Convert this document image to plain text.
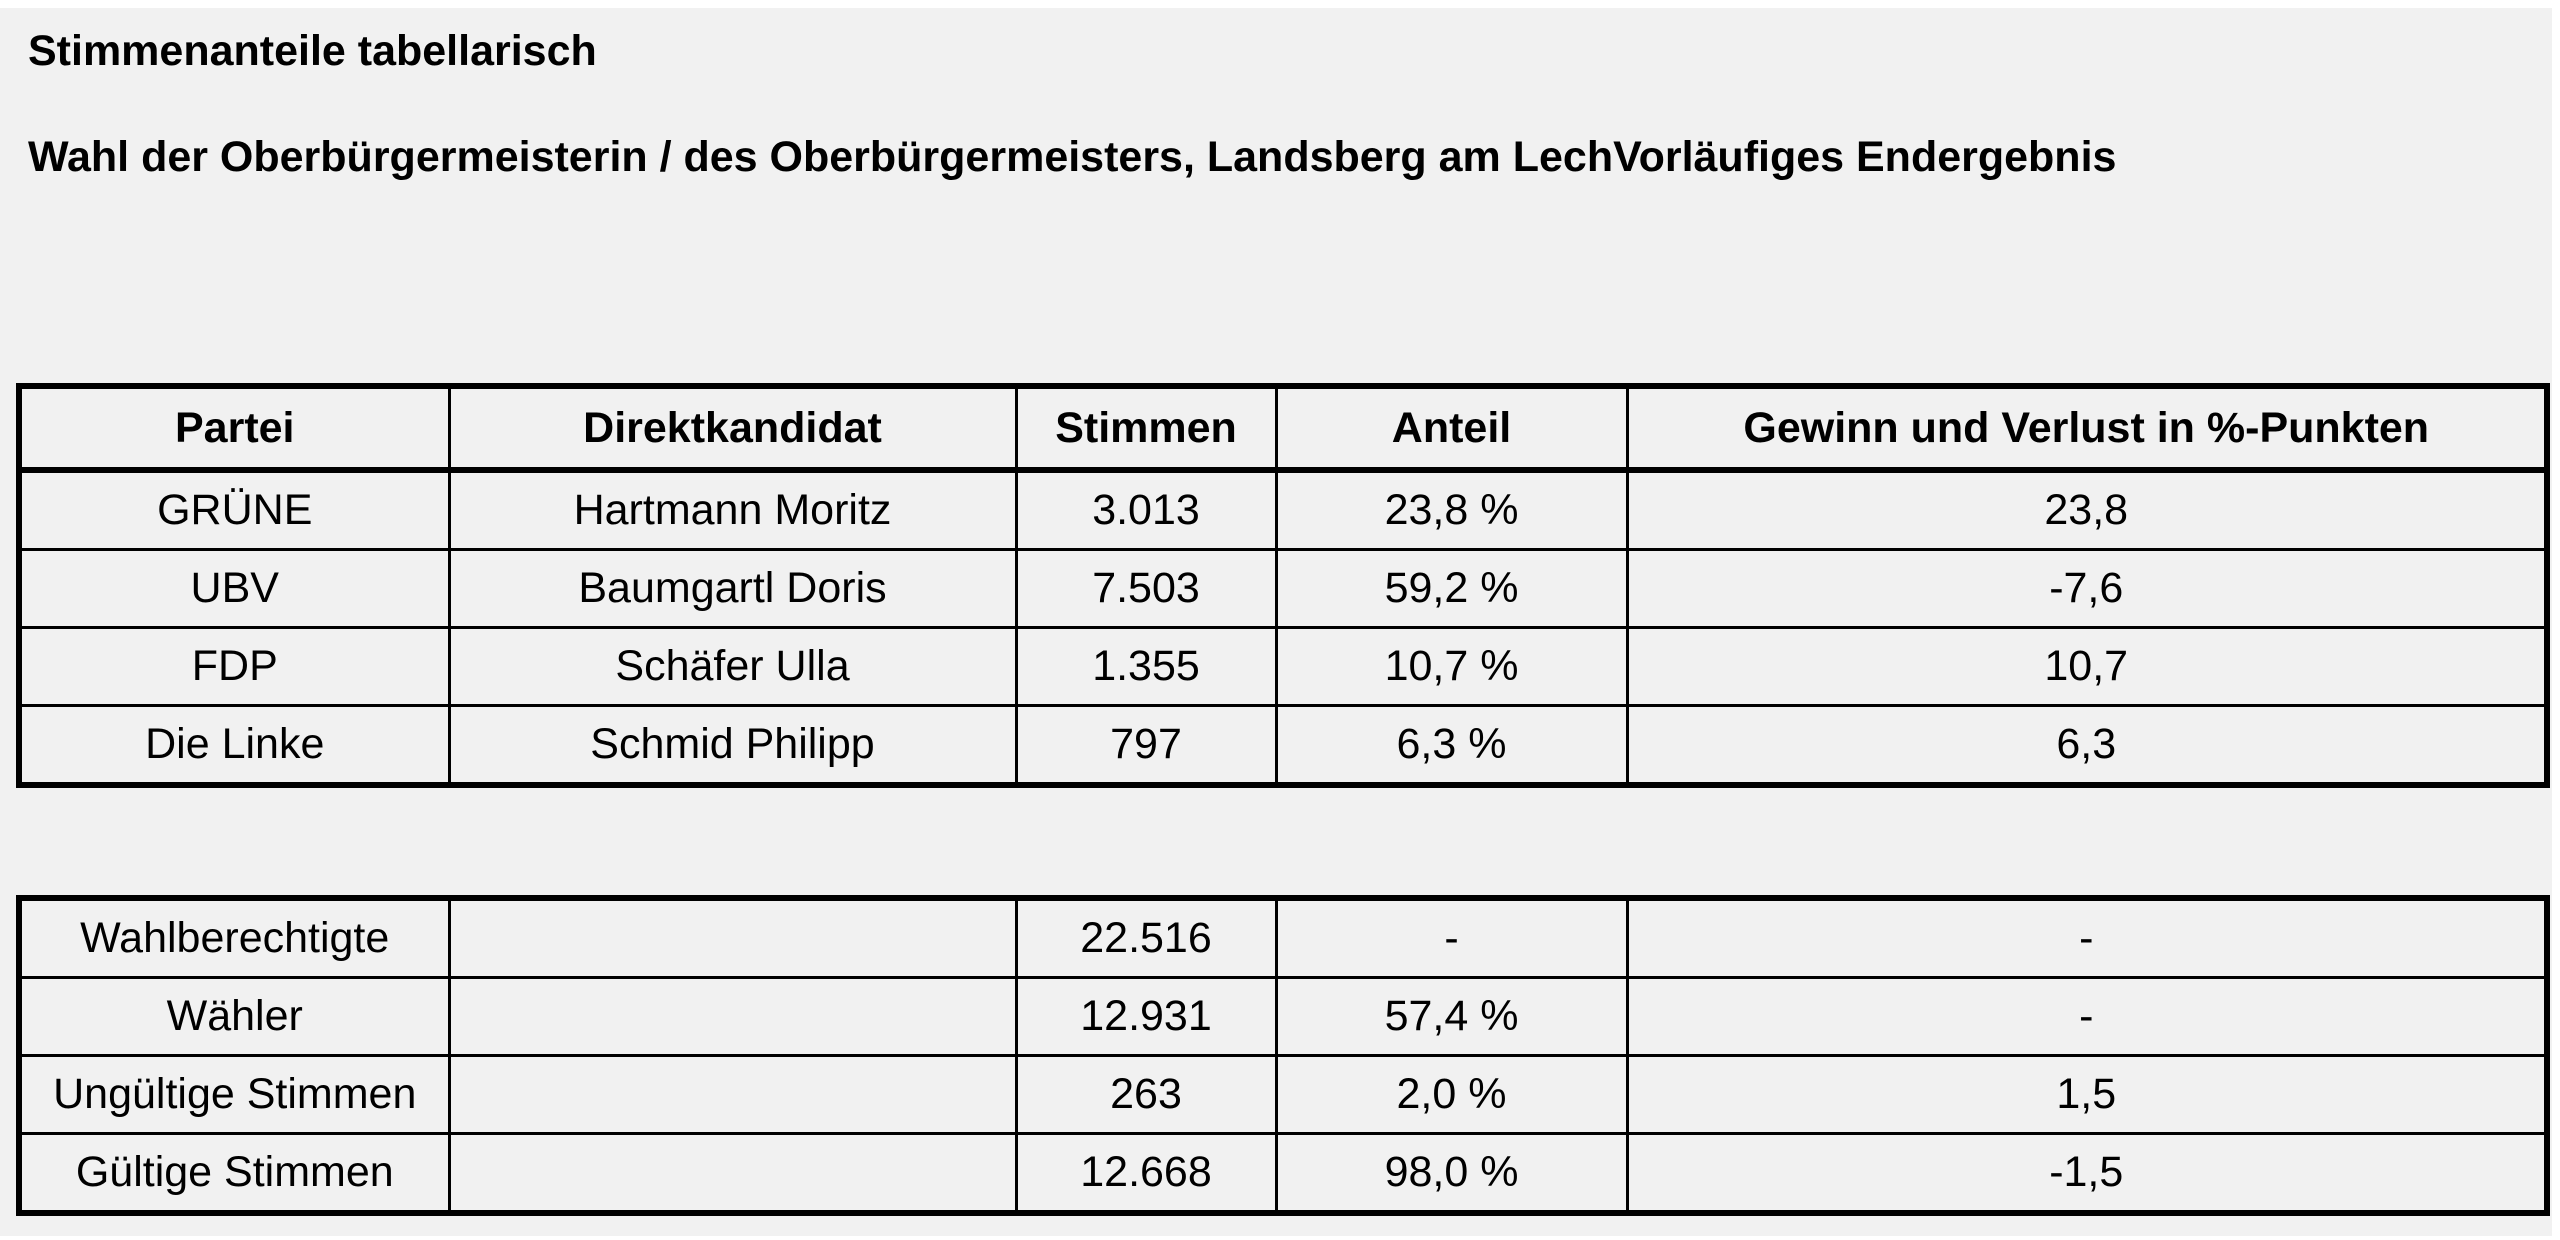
Stimmenanteile tabellarisch
Wahl der Oberbürgermeisterin / des Oberbürgermeisters, Landsberg am LechVorläufiges Endergebnis
Partei	Direktkandidat	Stimmen	Anteil	Gewinn und Verlust in %-Punkten
GRÜNE	Hartmann Moritz	3.013	23,8 %	23,8
UBV	Baumgartl Doris	7.503	59,2 %	-7,6
FDP	Schäfer Ulla	1.355	10,7 %	10,7
Die Linke	Schmid Philipp	797	6,3 %	6,3
Wahlberechtigte		22.516	-	-
Wähler		12.931	57,4 %	-
Ungültige Stimmen		263	2,0 %	1,5
Gültige Stimmen		12.668	98,0 %	-1,5
